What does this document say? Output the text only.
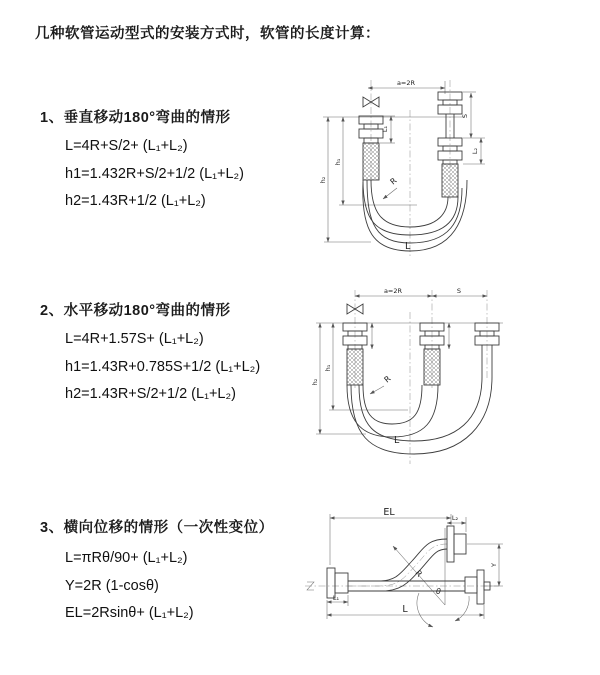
几种软管运动型式的安装方式时，软管的长度计算：
1、垂直移动180°弯曲的情形
L=4R+S/2+ (L₁+L₂)
h1=1.432R+S/2+1/2 (L₁+L₂)
h2=1.43R+1/2 (L₁+L₂)
2、水平移动180°弯曲的情形
L=4R+1.57S+ (L₁+L₂)
h1=1.43R+0.785S+1/2 (L₁+L₂)
h2=1.43R+S/2+1/2 (L₁+L₂)
3、横向位移的情形（一次性变位）
L=πRθ/90+ (L₁+L₂)
Y=2R (1-cosθ)
EL=2Rsinθ+ (L₁+L₂)
a=2R
S
L₂
L₁
h₁
h₂	R
L
a=2R	S
h₁
h₂	R
L
EL	L₂
Y
R
θ
L
L₁
